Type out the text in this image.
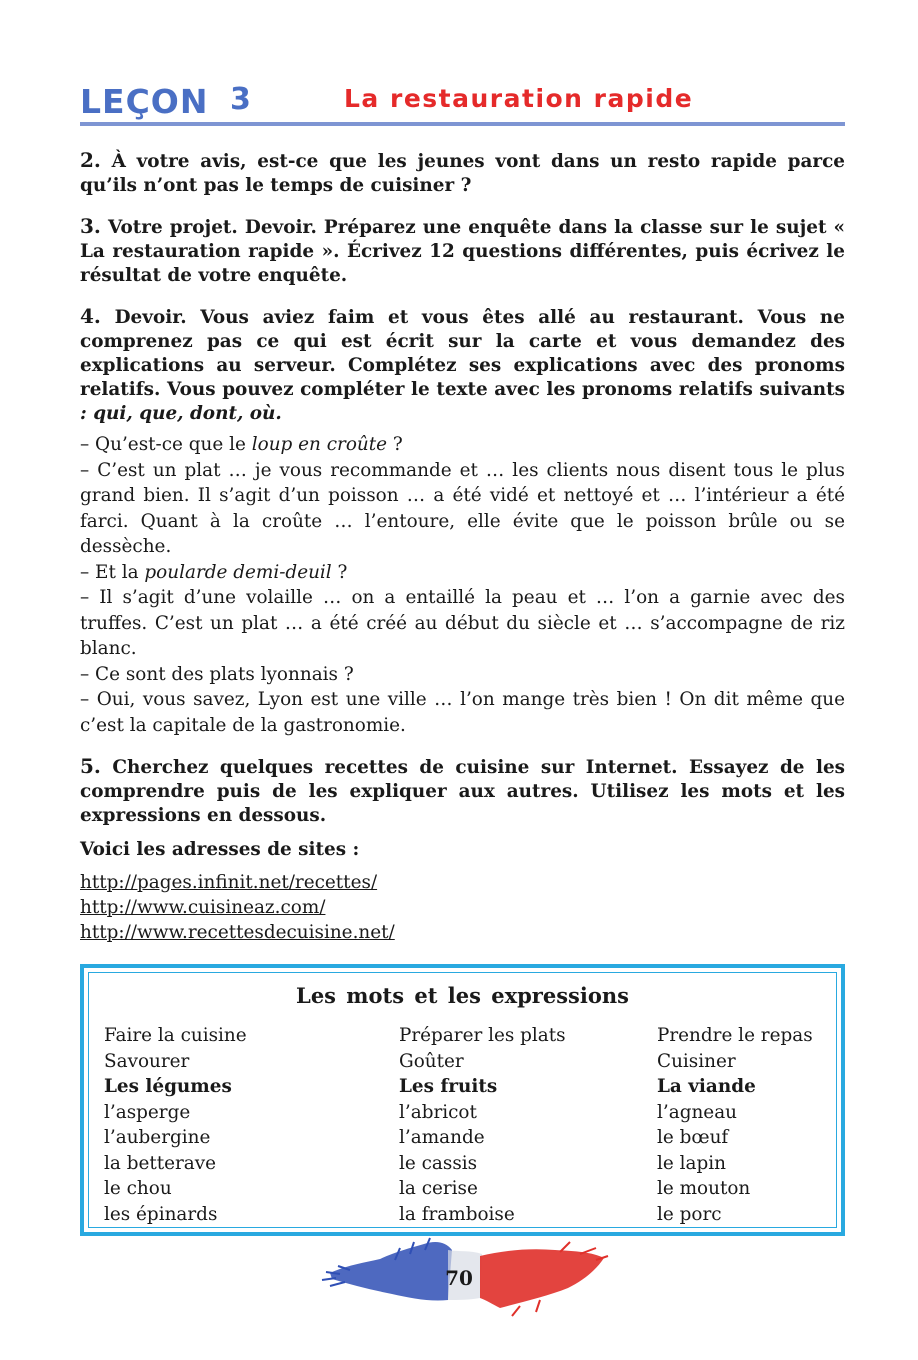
LEÇON 3	La restauration rapide

2. À votre avis, est-ce que les jeunes vont dans un resto rapide parce qu’ils n’ont pas le temps de cuisiner ?

3. Votre projet. Devoir. Préparez une enquête dans la classe sur le sujet « La restauration rapide ». Écrivez 12 questions différentes, puis écrivez le résultat de votre enquête.

4. Devoir. Vous aviez faim et vous êtes allé au restaurant. Vous ne comprenez pas ce qui est écrit sur la carte et vous demandez des explications au serveur. Complétez ses explications avec des pronoms relatifs. Vous pouvez compléter le texte avec les pronoms relatifs suivants : qui, que, dont, où.

– Qu’est-ce que le loup en croûte ?

– C’est un plat … je vous recommande et … les clients nous disent tous le plus grand bien. Il s’agit d’un poisson … a été vidé et nettoyé et … l’intérieur a été farci. Quant à la croûte … l’entoure, elle évite que le poisson brûle ou se dessèche.

– Et la poularde demi-deuil ?

– Il s’agit d’une volaille … on a entaillé la peau et … l’on a garnie avec des truffes. C’est un plat … a été créé au début du siècle et … s’accompagne de riz blanc.

– Ce sont des plats lyonnais ?

– Oui, vous savez, Lyon est une ville … l’on mange très bien ! On dit même que c’est la capitale de la gastronomie.

5. Cherchez quelques recettes de cuisine sur Internet. Essayez de les comprendre puis de les expliquer aux autres. Utilisez les mots et les expressions en dessous.

Voici les adresses de sites :
http://pages.infinit.net/recettes/
http://www.cuisineaz.com/
http://www.recettesdecuisine.net/
Les mots et les expressions
Faire la cuisine
Savourer
Les légumes
l’asperge
l’aubergine
la betterave
le chou
les épinards
Préparer les plats
Goûter
Les fruits
l’abricot
l’amande
le cassis
la cerise
la framboise
Prendre le repas
Cuisiner
La viande
l’agneau
le bœuf
le lapin
le mouton
le porc
70
